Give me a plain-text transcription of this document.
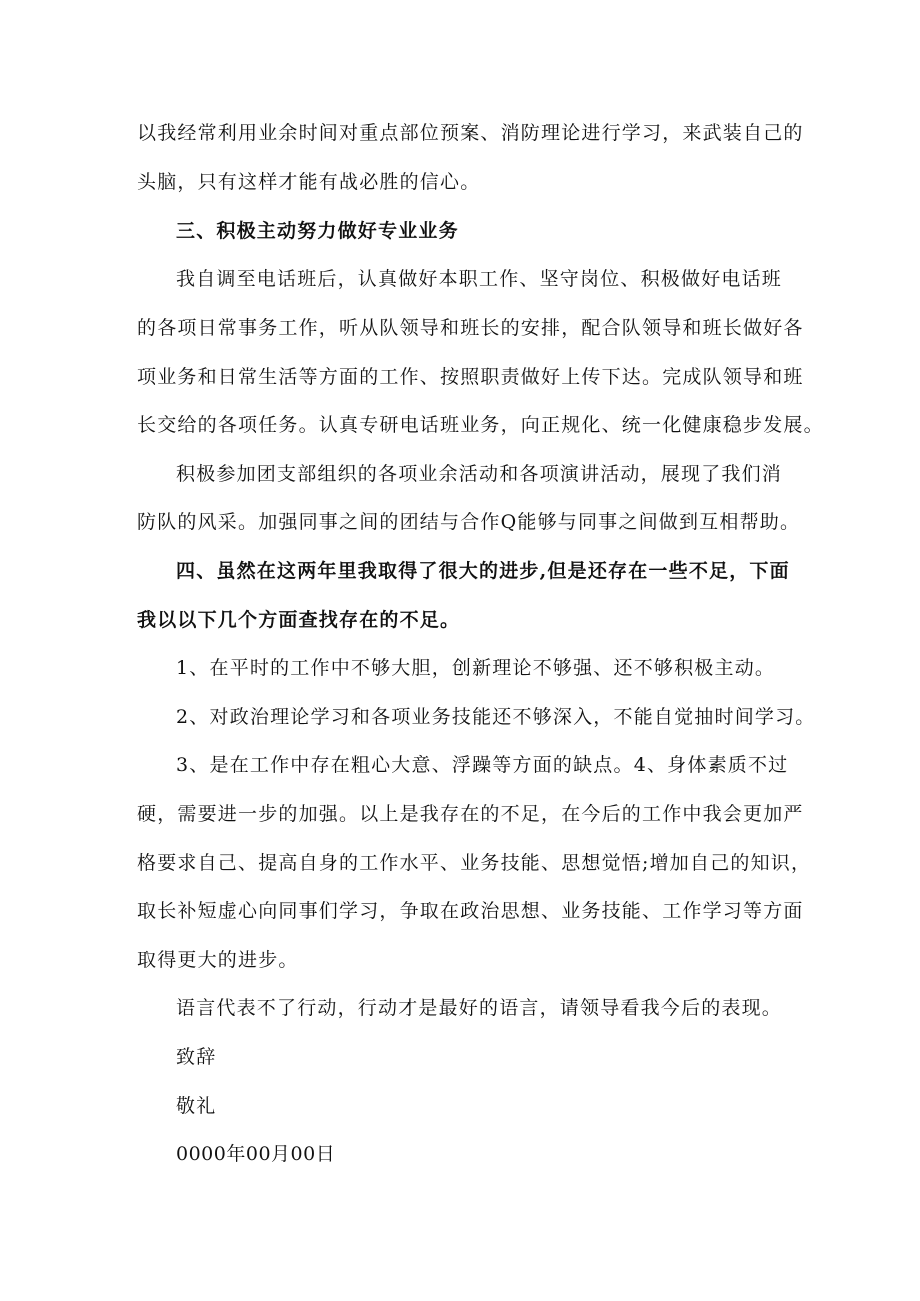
以我经常利用业余时间对重点部位预案、消防理论进行学习，来武装自己的
头脑，只有这样才能有战必胜的信心。
三、积极主动努力做好专业业务
我自调至电话班后，认真做好本职工作、坚守岗位、积极做好电话班
的各项日常事务工作，听从队领导和班长的安排，配合队领导和班长做好各
项业务和日常生活等方面的工作、按照职责做好上传下达。完成队领导和班
长交给的各项任务。认真专研电话班业务，向正规化、统一化健康稳步发展。
积极参加团支部组织的各项业余活动和各项演讲活动，展现了我们消
防队的风采。加强同事之间的团结与合作Q能够与同事之间做到互相帮助。
四、虽然在这两年里我取得了很大的进步,但是还存在一些不足，下面
我以以下几个方面查找存在的不足。
1、在平时的工作中不够大胆，创新理论不够强、还不够积极主动。
2、对政治理论学习和各项业务技能还不够深入，不能自觉抽时间学习。
3、是在工作中存在粗心大意、浮躁等方面的缺点。4、身体素质不过
硬，需要进一步的加强。以上是我存在的不足，在今后的工作中我会更加严
格要求自己、提高自身的工作水平、业务技能、思想觉悟;增加自己的知识，
取长补短虚心向同事们学习，争取在政治思想、业务技能、工作学习等方面
取得更大的进步。
语言代表不了行动，行动才是最好的语言，请领导看我今后的表现。
致辞
敬礼
0000年00月00日
